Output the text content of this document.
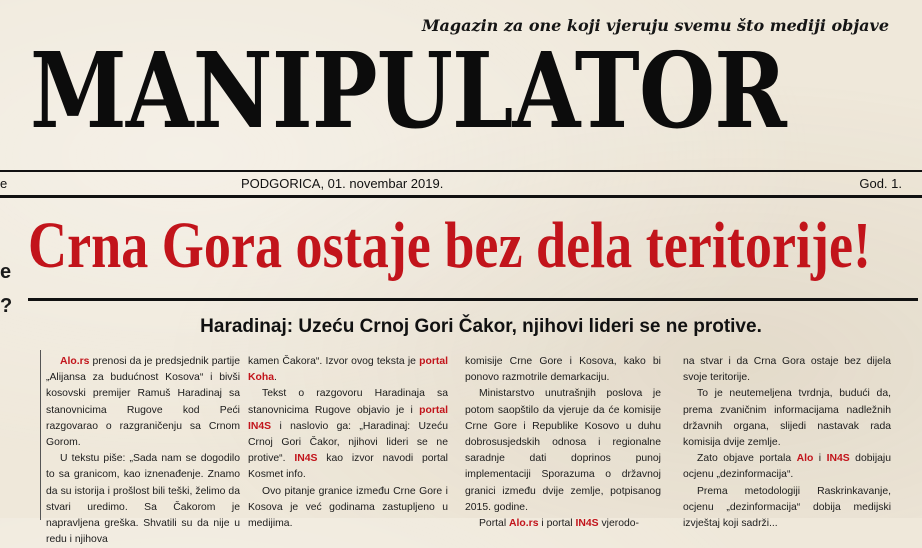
Magazin za one koji vjeruju svemu što mediji objave
MANIPULATOR
e	PODGORICA, 01. novembar 2019.	God. 1.
e
?
Crna Gora ostaje bez dela teritorije!
Haradinaj: Uzeću Crnoj Gori Čakor, njihovi lideri se ne protive.

Alo.rs prenosi da je predsjednik partije „Alijansa za budućnost Kosova“ i bivši kosovski premijer Ramuš Haradinaj sa stanovnicima Rugove kod Peći razgovarao o razgraničenju sa Crnom Gorom.

U tekstu piše: „Sada nam se dogodilo to sa granicom, kao iznenađenje. Znamo da su istorija i prošlost bili teški, želimo da stvari uredimo. Sa Čakorom je napravljena greška. Shvatili su da nije u redu i njihova

kamen Čakora“. Izvor ovog teksta je portal Koha.

Tekst o razgovoru Haradinaja sa stanovnicima Rugove objavio je i portal IN4S i naslovio ga: „Haradinaj: Uzeću Crnoj Gori Čakor, njihovi lideri se ne protive“. IN4S kao izvor navodi portal Kosmet info.

Ovo pitanje granice između Crne Gore i Kosova je već godinama zastupljeno u medijima.

komisije Crne Gore i Kosova, kako bi ponovo razmotrile demarkaciju.

Ministarstvo unutrašnjih poslova je potom saopštilo da vjeruje da će komisije Crne Gore i Republike Kosovo u duhu dobrosusjedskih odnosa i regionalne saradnje dati doprinos punoj implementaciji Sporazuma o državnoj granici između dvije zemlje, potpisanog 2015. godine.

Portal Alo.rs i portal IN4S vjerodo-

na stvar i da Crna Gora ostaje bez dijela svoje teritorije.

To je neutemeljena tvrdnja, budući da, prema zvaničnim informacijama nadležnih državnih organa, slijedi nastavak rada komisija dvije zemlje.

Zato objave portala Alo i IN4S dobijaju ocjenu „dezinformacija“.

Prema metodologiji Raskrinkavanje, ocjenu „dezinformacija“ dobija medijski izvještaj koji sadrži...
